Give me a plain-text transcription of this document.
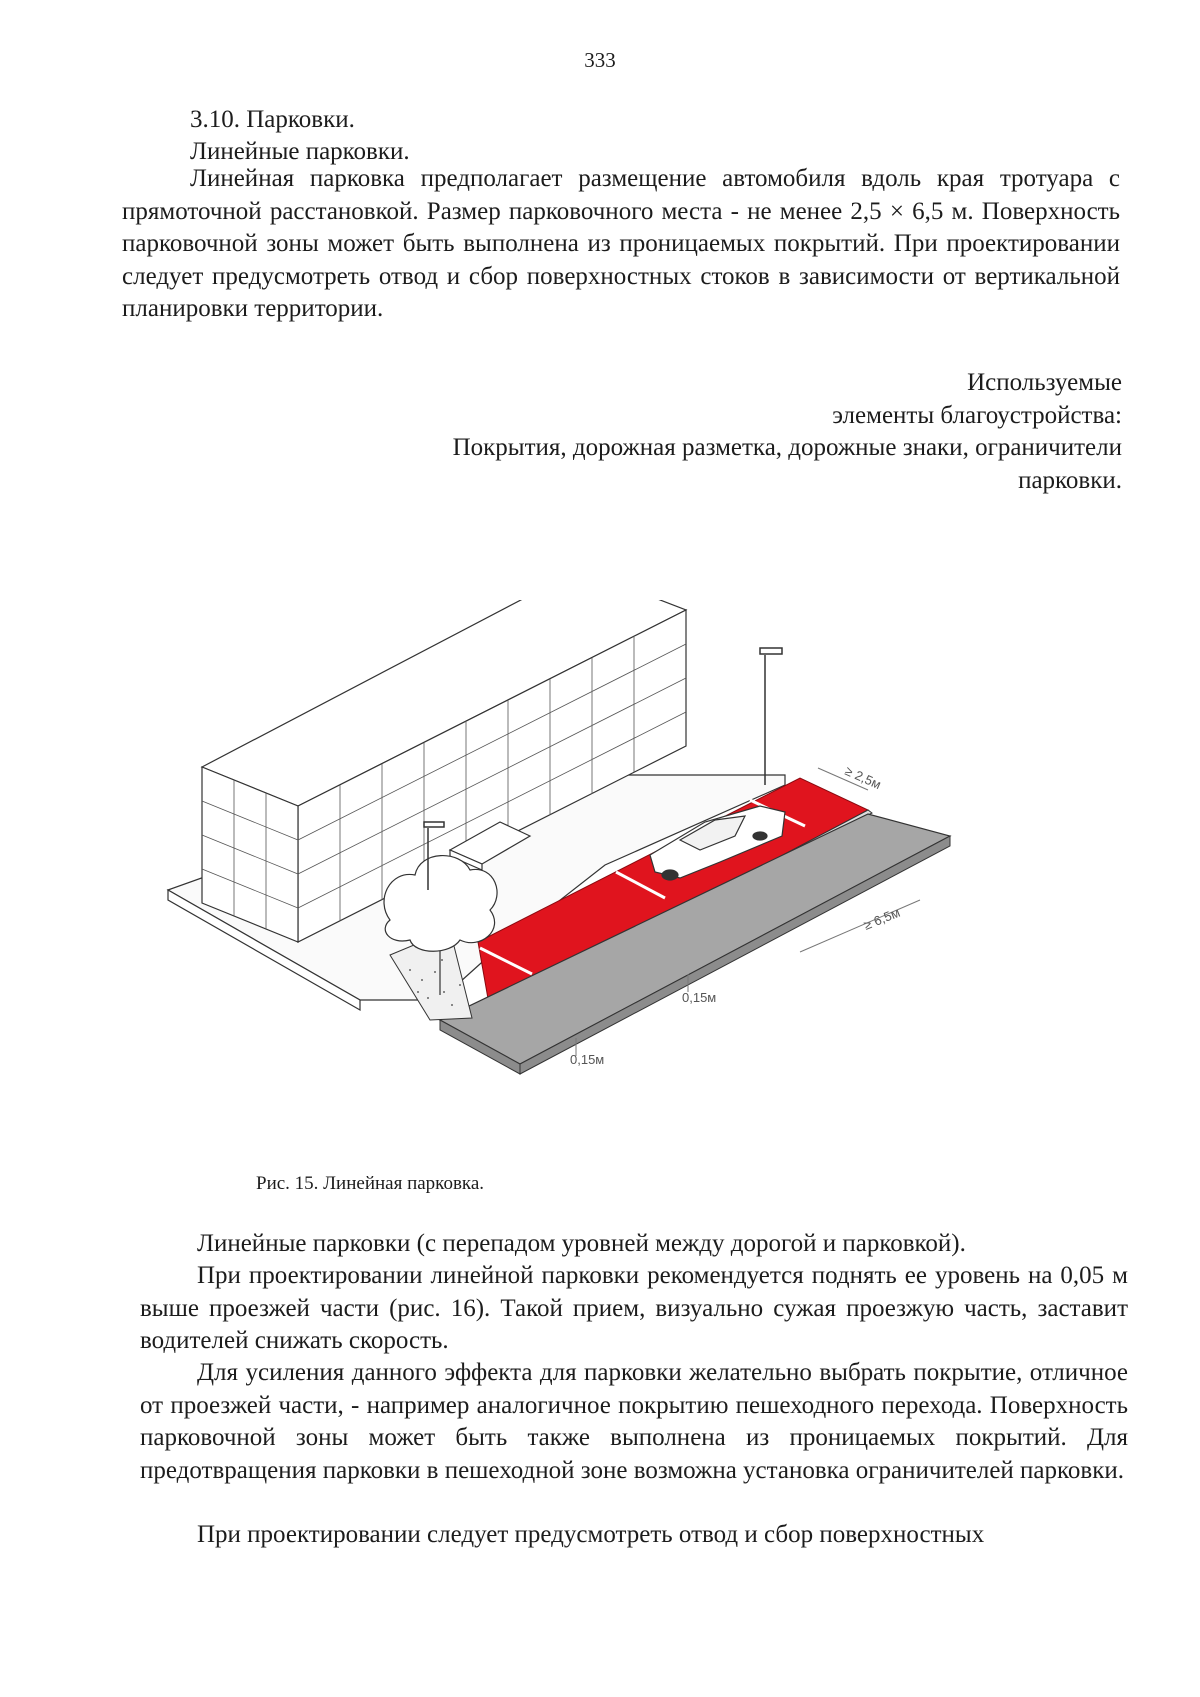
333
3.10. Парковки.
Линейные парковки.

Линейная парковка предполагает размещение автомобиля вдоль края тротуара с прямоточной расстановкой. Размер парковочного места - не менее 2,5 × 6,5 м. Поверхность парковочной зоны может быть выполнена из проницаемых покрытий. При проектировании следует предусмотреть отвод и сбор поверхностных стоков в зависимости от вертикальной планировки территории.

Используемые
элементы благоустройства:
Покрытия, дорожная разметка, дорожные знаки, ограничители
парковки.
≥ 2,5м
≥ 6,5м
0,15м
0,15м
Рис. 15. Линейная парковка.

Линейные парковки (с перепадом уровней между дорогой и парковкой).

При проектировании линейной парковки рекомендуется поднять ее уровень на 0,05 м выше проезжей части (рис. 16). Такой прием, визуально сужая проезжую часть, заставит водителей снижать скорость.

Для усиления данного эффекта для парковки желательно выбрать покрытие, отличное от проезжей части, - например аналогичное покрытию пешеходного перехода. Поверхность парковочной зоны может быть также выполнена из проницаемых покрытий. Для предотвращения парковки в пешеходной зоне возможна установка ограничителей парковки.

При проектировании следует предусмотреть отвод и сбор поверхностных
